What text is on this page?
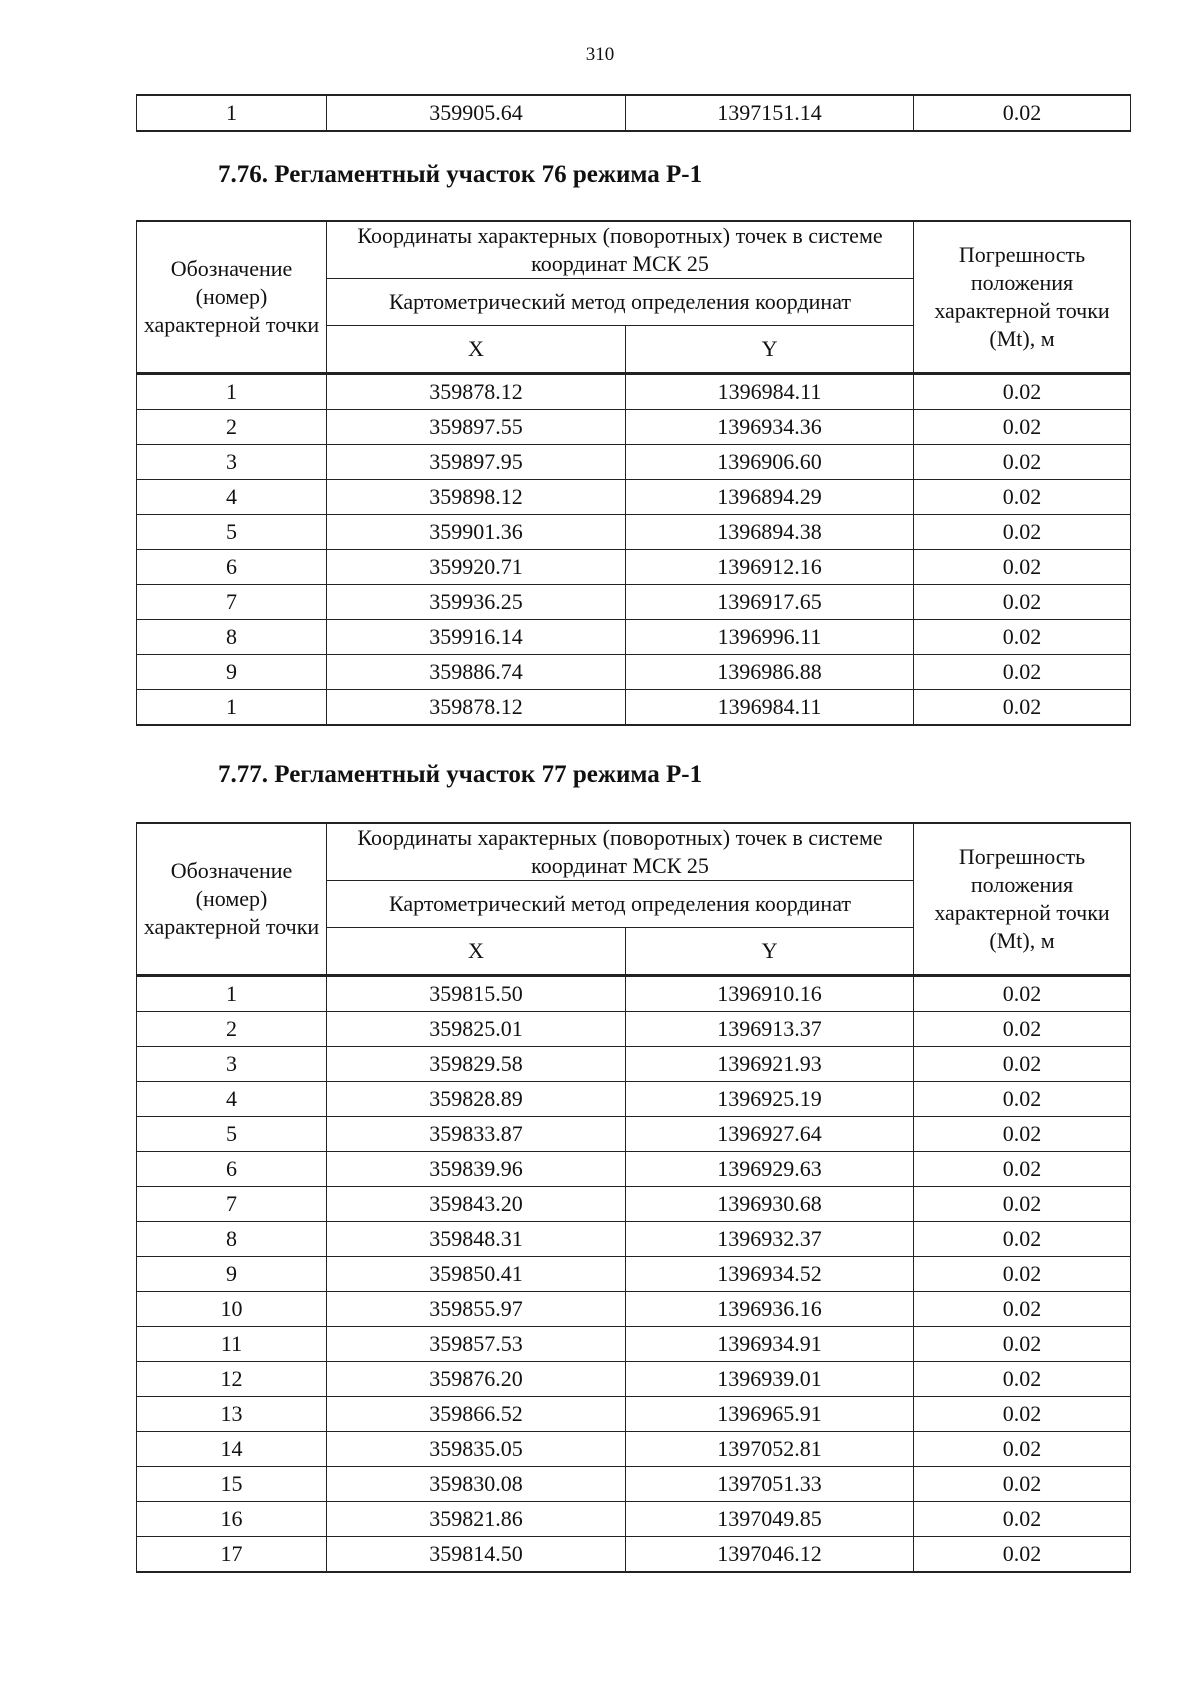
310
1	359905.64	1397151.14	0.02
7.76. Регламентный участок 76 режима Р-1
Обозначение (номер) характерной точки	Координаты характерных (поворотных) точек в системе координат МСК 25		Погрешность положения характерной точки (Mt), м
	Картометрический метод определения координат		
	X	Y	
1	359878.12	1396984.11	0.02
2	359897.55	1396934.36	0.02
3	359897.95	1396906.60	0.02
4	359898.12	1396894.29	0.02
5	359901.36	1396894.38	0.02
6	359920.71	1396912.16	0.02
7	359936.25	1396917.65	0.02
8	359916.14	1396996.11	0.02
9	359886.74	1396986.88	0.02
1	359878.12	1396984.11	0.02
7.77. Регламентный участок 77 режима Р-1
Обозначение (номер) характерной точки	Координаты характерных (поворотных) точек в системе координат МСК 25		Погрешность положения характерной точки (Mt), м
	Картометрический метод определения координат		
	X	Y	
1	359815.50	1396910.16	0.02
2	359825.01	1396913.37	0.02
3	359829.58	1396921.93	0.02
4	359828.89	1396925.19	0.02
5	359833.87	1396927.64	0.02
6	359839.96	1396929.63	0.02
7	359843.20	1396930.68	0.02
8	359848.31	1396932.37	0.02
9	359850.41	1396934.52	0.02
10	359855.97	1396936.16	0.02
11	359857.53	1396934.91	0.02
12	359876.20	1396939.01	0.02
13	359866.52	1396965.91	0.02
14	359835.05	1397052.81	0.02
15	359830.08	1397051.33	0.02
16	359821.86	1397049.85	0.02
17	359814.50	1397046.12	0.02
